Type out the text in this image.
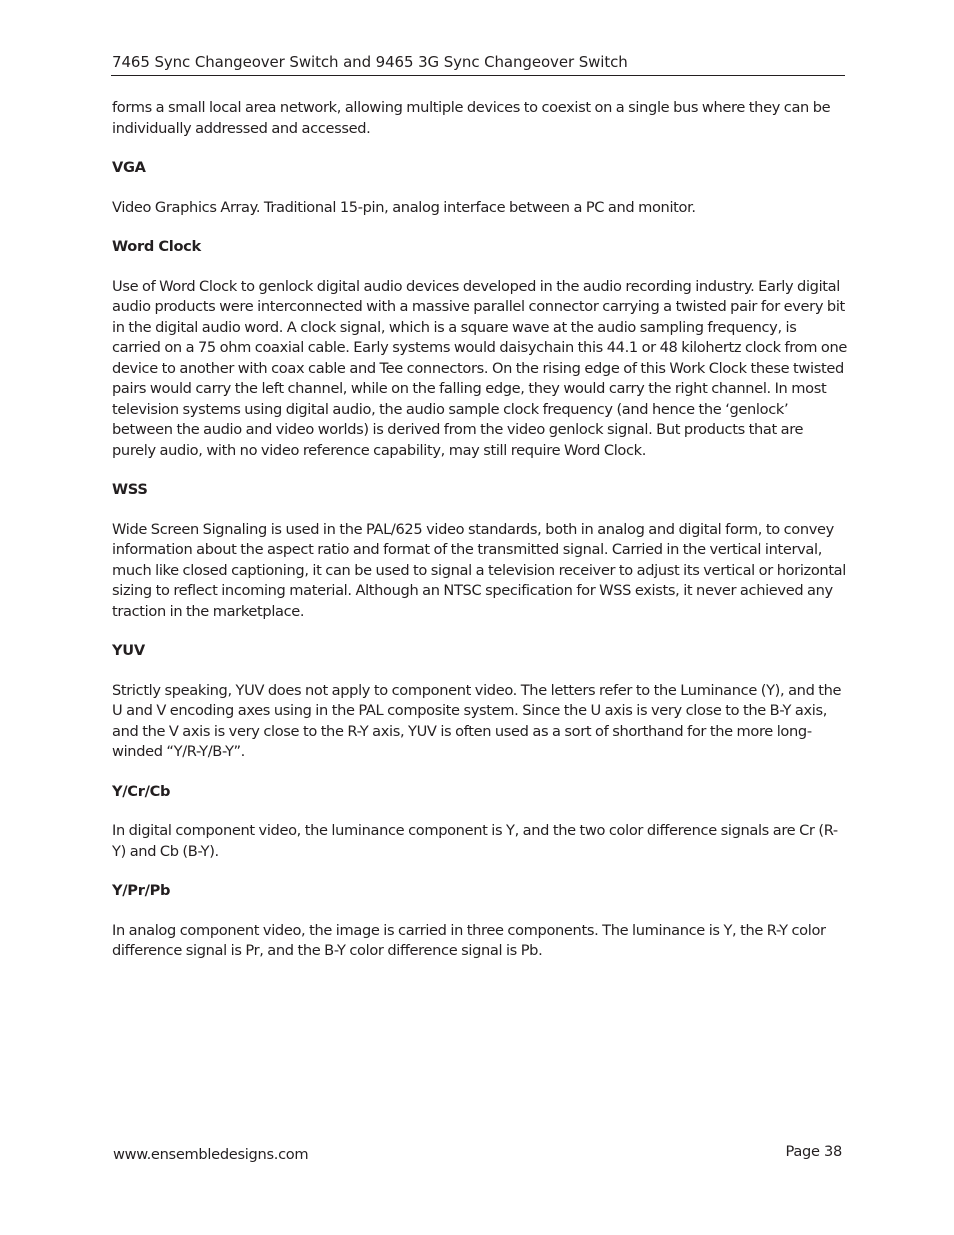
7465 Sync Changeover Switch and 9465 3G Sync Changeover Switch

forms a small local area network, allowing multiple devices to coexist on a single bus where they can be individually addressed and accessed.

VGA

Video Graphics Array. Traditional 15-pin, analog interface between a PC and monitor.

Word Clock

Use of Word Clock to genlock digital audio devices developed in the audio recording industry. Early digital audio products were interconnected with a massive parallel connector carrying a twisted pair for every bit in the digital audio word. A clock signal, which is a square wave at the audio sampling frequency, is carried on a 75 ohm coaxial cable. Early systems would daisychain this 44.1 or 48 kilohertz clock from one device to another with coax cable and Tee connectors. On the rising edge of this Work Clock these twisted pairs would carry the left channel, while on the falling edge, they would carry the right channel. In most television systems using digital audio, the audio sample clock frequency (and hence the ‘genlock’ between the audio and video worlds) is derived from the video genlock signal. But products that are purely audio, with no video reference capability, may still require Word Clock.

WSS

Wide Screen Signaling is used in the PAL/625 video standards, both in analog and digital form, to convey information about the aspect ratio and format of the transmitted signal. Carried in the vertical interval, much like closed captioning, it can be used to signal a television receiver to adjust its vertical or horizontal sizing to reflect incoming material. Although an NTSC specification for WSS exists, it never achieved any traction in the marketplace.

YUV

Strictly speaking, YUV does not apply to component video. The letters refer to the Luminance (Y), and the U and V encoding axes using in the PAL composite system. Since the U axis is very close to the B-Y axis, and the V axis is very close to the R-Y axis, YUV is often used as a sort of shorthand for the more long-winded “Y/R-Y/B-Y”.

Y/Cr/Cb

In digital component video, the luminance component is Y, and the two color difference signals are Cr (R-Y) and Cb (B-Y).

Y/Pr/Pb

In analog component video, the image is carried in three components. The luminance is Y, the R-Y color difference signal is Pr, and the B-Y color difference signal is Pb.

www.ensembledesigns.com	Page 38
